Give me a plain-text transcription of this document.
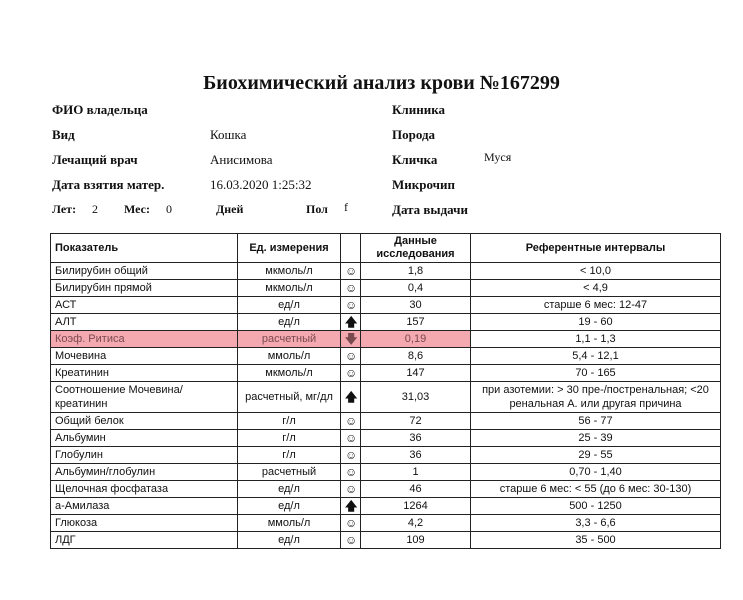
Биохимический анализ крови №167299
ФИО владельца	Клиника
Вид	Кошка	Порода
Лечащий врач	Анисимова	Кличка	Муся
Дата взятия матер.	16.03.2020 1:25:32	Микрочип
Лет: 2 Мес: 0	Дней	Пол f	Дата выдачи
Показатель	Ед. измерения		Данные исследования	Референтные интервалы
Билирубин общий	мкмоль/л	☺	1,8	< 10,0
Билирубин прямой	мкмоль/л	☺	0,4	< 4,9
АСТ	ед/л	☺	30	старше 6 мес: 12-47
АЛТ	ед/л	🡅	157	19 - 60
Коэф. Ритиса	расчетный	🡇	0,19	1,1 - 1,3
Мочевина	ммоль/л	☺	8,6	5,4 - 12,1
Креатинин	мкмоль/л	☺	147	70 - 165
Соотношение Мочевина/креатинин	расчетный, мг/дл	🡅	31,03	при азотемии: > 30 пре-/постренальная; <20 ренальная А. или другая причина
Общий белок	г/л	☺	72	56 - 77
Альбумин	г/л	☺	36	25 - 39
Глобулин	г/л	☺	36	29 - 55
Альбумин/глобулин	расчетный	☺	1	0,70 - 1,40
Щелочная фосфатаза	ед/л	☺	46	старше 6 мес: < 55 (до 6 мес: 30-130)
а-Амилаза	ед/л	🡅	1264	500 - 1250
Глюкоза	ммоль/л	☺	4,2	3,3 - 6,6
ЛДГ	ед/л	☺	109	35 - 500
